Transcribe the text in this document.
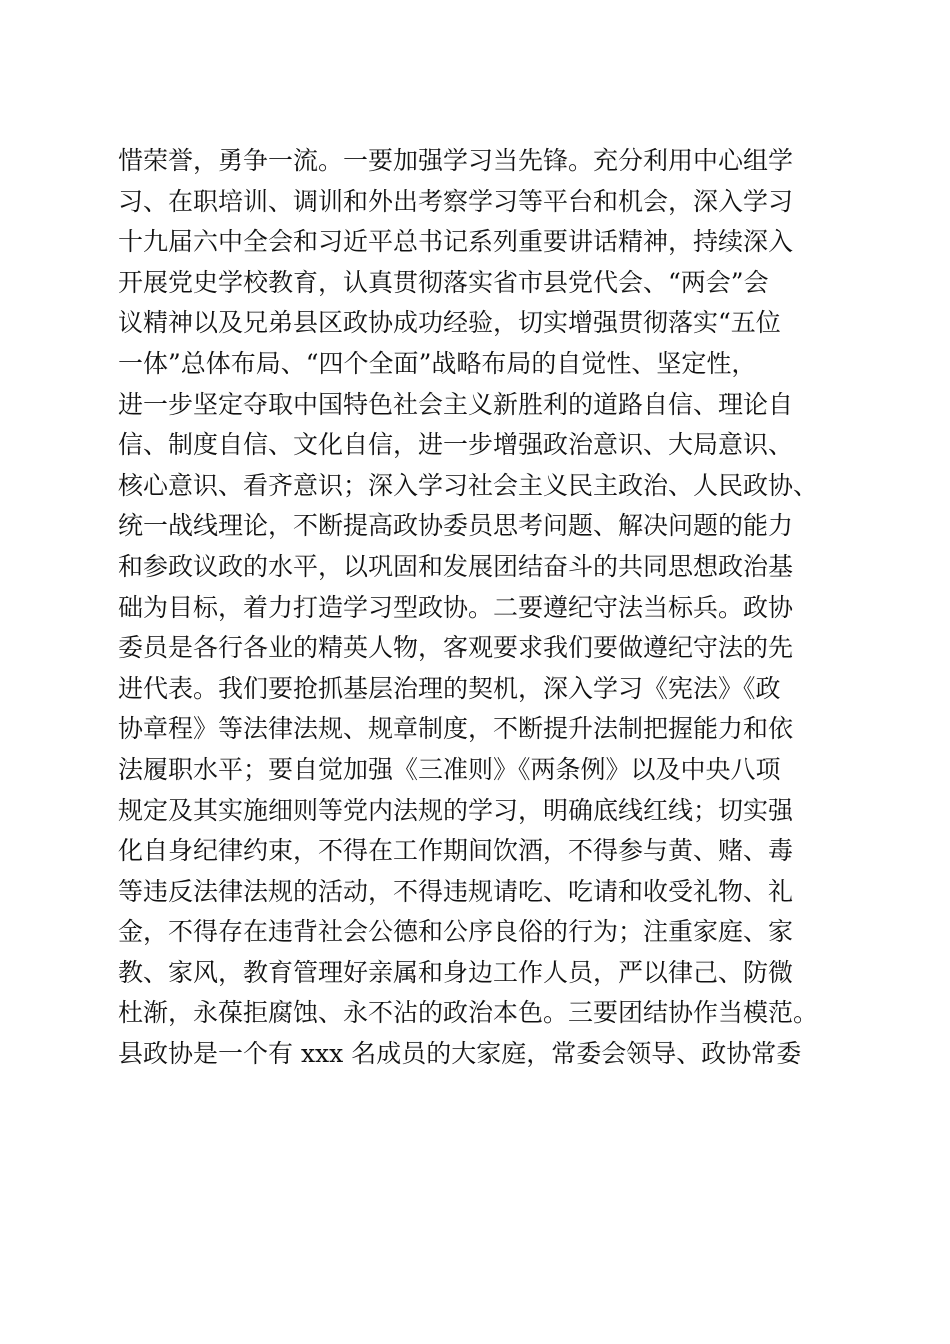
惜荣誉，勇争一流。一要加强学习当先锋。充分利用中心组学
习、在职培训、调训和外出考察学习等平台和机会，深入学习
十九届六中全会和习近平总书记系列重要讲话精神，持续深入
开展党史学校教育，认真贯彻落实省市县党代会、“两会”会
议精神以及兄弟县区政协成功经验，切实增强贯彻落实“五位
一体”总体布局、“四个全面”战略布局的自觉性、坚定性，
进一步坚定夺取中国特色社会主义新胜利的道路自信、理论自
信、制度自信、文化自信，进一步增强政治意识、大局意识、
核心意识、看齐意识；深入学习社会主义民主政治、人民政协、
统一战线理论，不断提高政协委员思考问题、解决问题的能力
和参政议政的水平，以巩固和发展团结奋斗的共同思想政治基
础为目标，着力打造学习型政协。二要遵纪守法当标兵。政协
委员是各行各业的精英人物，客观要求我们要做遵纪守法的先
进代表。我们要抢抓基层治理的契机，深入学习《宪法》《政
协章程》等法律法规、规章制度，不断提升法制把握能力和依
法履职水平；要自觉加强《三准则》《两条例》以及中央八项
规定及其实施细则等党内法规的学习，明确底线红线；切实强
化自身纪律约束，不得在工作期间饮酒，不得参与黄、赌、毒
等违反法律法规的活动，不得违规请吃、吃请和收受礼物、礼
金，不得存在违背社会公德和公序良俗的行为；注重家庭、家
教、家风，教育管理好亲属和身边工作人员，严以律己、防微
杜渐，永葆拒腐蚀、永不沾的政治本色。三要团结协作当模范。
县政协是一个有 xxx 名成员的大家庭，常委会领导、政协常委
